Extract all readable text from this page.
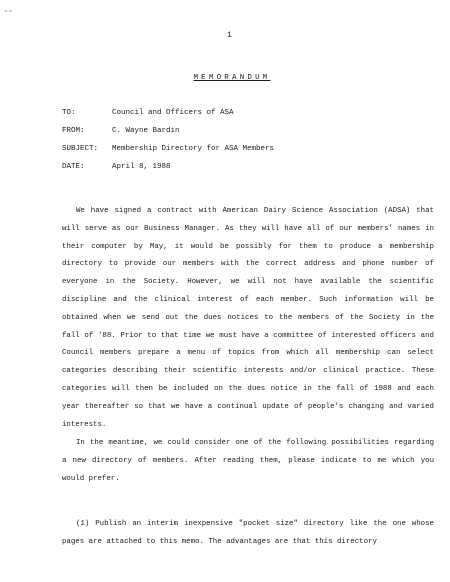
~~
1
MEMORANDUM
TO:	Council and Officers of ASA
FROM:	C. Wayne Bardin
SUBJECT: Membership Directory for ASA Members
DATE:	April 8, 1988
We have signed a contract with American Dairy Science Association (ADSA) that will serve as our Business Manager. As they will have all of our members' names in their computer by May, it would be possibly for them to produce a membership directory to provide our members with the correct address and phone number of everyone in the Society. However, we will not have available the scientific discipline and the clinical interest of each member. Such information will be obtained when we send out the dues notices to the members of the Society in the fall of '88. Prior to that time we must have a committee of interested officers and Council members prepare a menu of topics from which all membership can select categories describing their scientific interests and/or clinical practice. These categories will then be included on the dues notice in the fall of 1988 and each year thereafter so that we have a continual update of people's changing and varied interests.
In the meantime, we could consider one of the following possibilities regarding a new directory of members. After reading them, please indicate to me which you would prefer.
(1) Publish an interim inexpensive "pocket size" directory like the one whose pages are attached to this memo. The advantages are that this directory
